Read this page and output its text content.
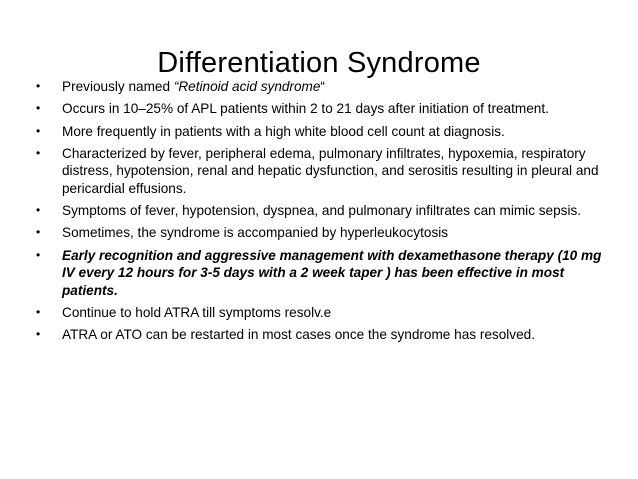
Differentiation Syndrome
•	Previously named “Retinoid acid syndrome“
•	Occurs in 10–25% of APL patients within 2 to 21 days after initiation of treatment.
•	More frequently in patients with a high white blood cell count at diagnosis.
•	Characterized by fever, peripheral edema, pulmonary infiltrates, hypoxemia, respiratory distress, hypotension, renal and hepatic dysfunction, and serositis resulting in pleural and pericardial effusions.
•	Symptoms of fever, hypotension, dyspnea, and pulmonary infiltrates can mimic sepsis.
•	Sometimes, the syndrome is accompanied by hyperleukocytosis
•	Early recognition and aggressive management with dexamethasone therapy (10 mg IV every 12 hours for 3-5 days with a 2 week taper ) has been effective in most patients.
•	Continue to hold ATRA till symptoms resolv.e
•	ATRA or ATO can be restarted in most cases once the syndrome has resolved.
